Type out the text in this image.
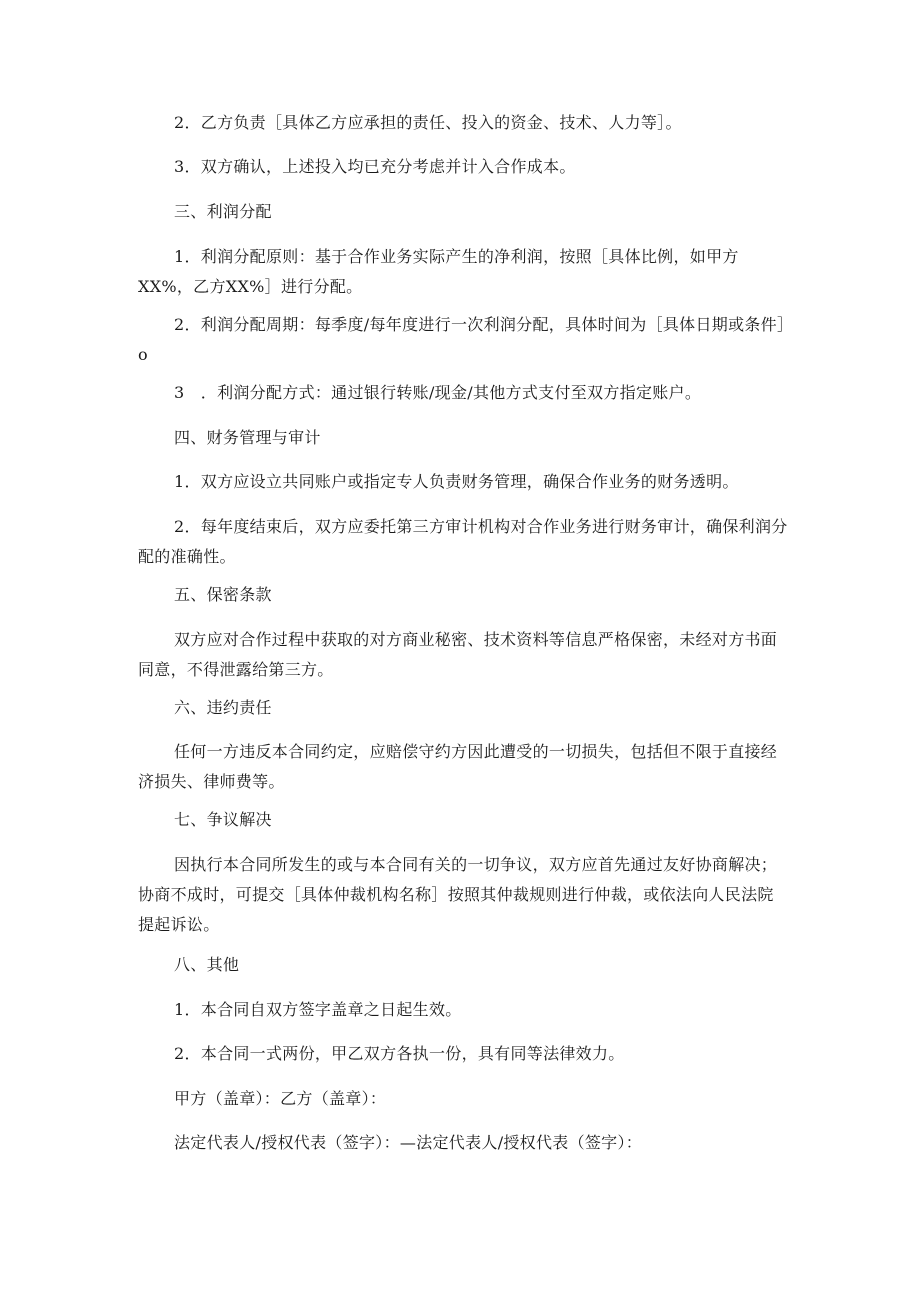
2．乙方负责［具体乙方应承担的责任、投入的资金、技术、人力等］。

3．双方确认，上述投入均已充分考虑并计入合作成本。

三、利润分配

1．利润分配原则：基于合作业务实际产生的净利润，按照［具体比例，如甲方XX%，乙方XX%］进行分配。

2．利润分配周期：每季度/每年度进行一次利润分配，具体时间为［具体日期或条件］o

3　．利润分配方式：通过银行转账/现金/其他方式支付至双方指定账户。

四、财务管理与审计

1．双方应设立共同账户或指定专人负责财务管理，确保合作业务的财务透明。

2．每年度结束后，双方应委托第三方审计机构对合作业务进行财务审计，确保利润分配的准确性。

五、保密条款

双方应对合作过程中获取的对方商业秘密、技术资料等信息严格保密，未经对方书面同意，不得泄露给第三方。

六、违约责任

任何一方违反本合同约定，应赔偿守约方因此遭受的一切损失，包括但不限于直接经济损失、律师费等。

七、争议解决

因执行本合同所发生的或与本合同有关的一切争议，双方应首先通过友好协商解决；协商不成时，可提交［具体仲裁机构名称］按照其仲裁规则进行仲裁，或依法向人民法院提起诉讼。

八、其他

1．本合同自双方签字盖章之日起生效。

2．本合同一式两份，甲乙双方各执一份，具有同等法律效力。

甲方（盖章）：乙方（盖章）：

法定代表人/授权代表（签字）：—法定代表人/授权代表（签字）：
